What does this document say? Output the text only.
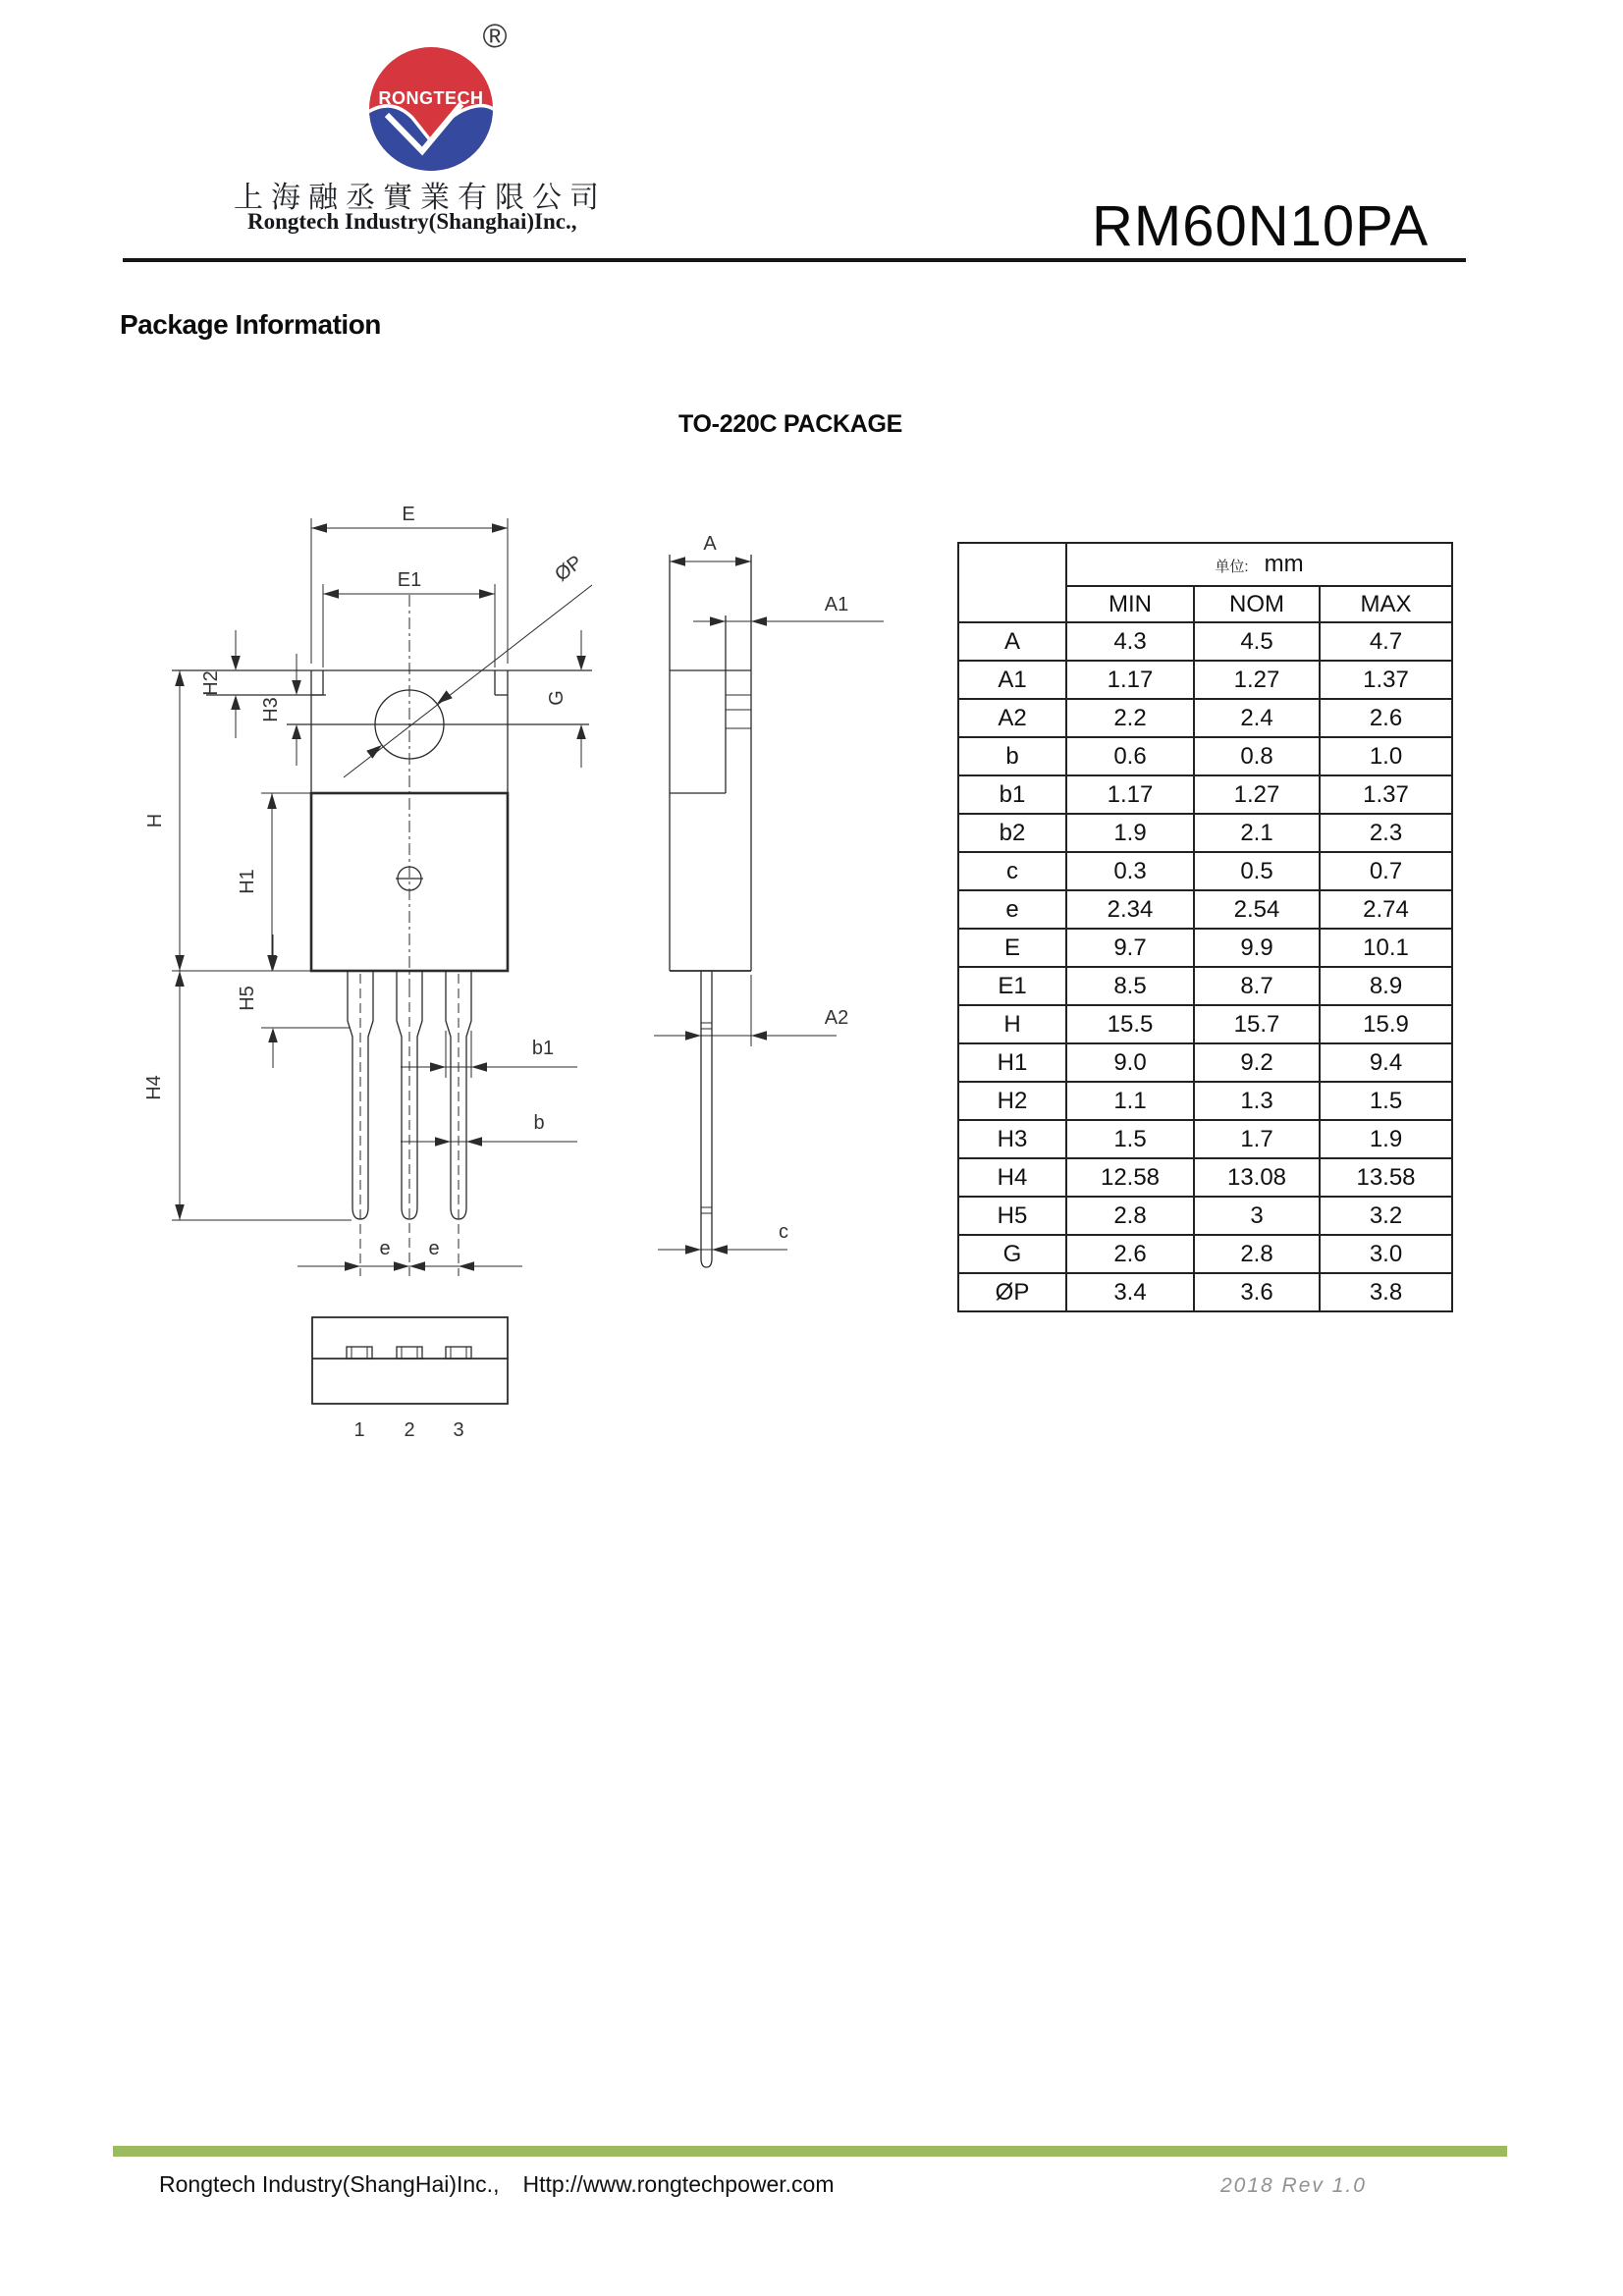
RONGTECH
®
上海融丞實業有限公司
Rongtech Industry(Shanghai)Inc.,	RM60N10PA
Package Information
TO-220C PACKAGE
E
E1	ØP
H2
H3	G
H
H1
H5
H4
b1
b
e e
A
A1
A2
c
1 2 3
	单位: mm		
	MIN	NOM	MAX
A	4.3	4.5	4.7
A1	1.17	1.27	1.37
A2	2.2	2.4	2.6
b	0.6	0.8	1.0
b1	1.17	1.27	1.37
b2	1.9	2.1	2.3
c	0.3	0.5	0.7
e	2.34	2.54	2.74
E	9.7	9.9	10.1
E1	8.5	8.7	8.9
H	15.5	15.7	15.9
H1	9.0	9.2	9.4
H2	1.1	1.3	1.5
H3	1.5	1.7	1.9
H4	12.58	13.08	13.58
H5	2.8	3	3.2
G	2.6	2.8	3.0
ØP	3.4	3.6	3.8
Rongtech Industry(ShangHai)Inc., Http://www.rongtechpower.com	2018 Rev 1.0
